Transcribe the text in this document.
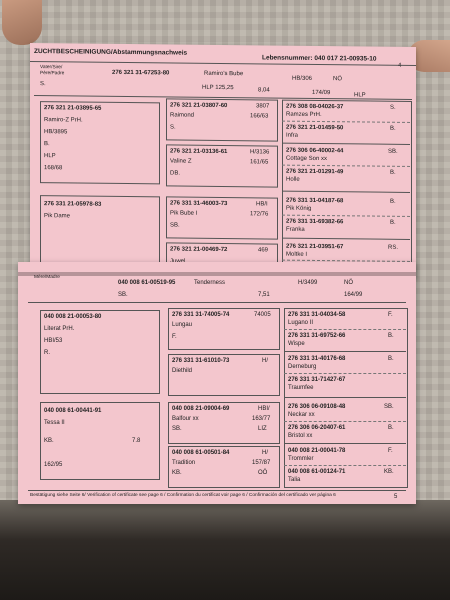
ZUCHTBESCHEINIGUNG/Abstammungsnachweis
Lebensnummer: 040 017 21-00935-10
4
Vater/Sire/ Père/Padre	276 321 31-67253-80	Ramiro's Bube
HB/306	NÖ
S.
HLP 125,25	8,04	174/09	HLP
276 321 21-03895-65
Ramiro-Z PrH.
HB/3895
B.
HLP
168/68
276 331 21-05978-83
Pik Dame
276 321 21-03807-60	3807
Raimond	166/63
S.
276 321 21-03136-61	H/3136
Valine Z	161/65
DB.
276 331 31-46003-73	HB/I
Pik Bube I	172/76
SB.
276 321 21-00469-72	469
276 308 08-04026-37	S.
Ramzes PrH.
276 321 21-01459-50	B.
Infra
276 306 06-40002-44	SB.
Cottage Son xx
276 321 21-01291-49	B.
Holle
276 331 31-04187-68	B.
Pik König
276 331 31-69382-66	B.
Franka
276 321 21-03951-67	RS.
Moltke I
Mère/Madre
040 008 61-00519-95	Tenderness	H/3499	NÖ
SB.	7,51	164/99
040 008 21-00053-80
Literat PrH.
HBI/53
R.
040 008 61-00441-91
Tessa II
KB.	7.8
162/95
276 331 31-74005-74	74005
Lungau
F.
276 331 31-61010-73	H/
Diethild
040 008 21-09004-69	HBI/
Balfour xx	163/77
SB.	LIZ
040 008 61-00501-84	H/
Tradition	157/87
KB.	OÖ
276 331 31-04034-58	F.
Lugano II
276 331 31-69752-66	B.
Wispe
276 331 31-40176-68	B.
Derneburg
276 331 31-71427-67
Traumfee
276 306 06-09108-48	SB.
Neckar xx
276 306 06-20407-61	B.
Bristol xx
040 008 21-00041-78	F.
Trommler
040 008 61-00124-71	KB.
Talia
Bestätigung siehe Seite 6/ Verification of certificate see page 6 / Confirmation du certificat voir page 6 / Confirmación del certificado ver página 6	5
